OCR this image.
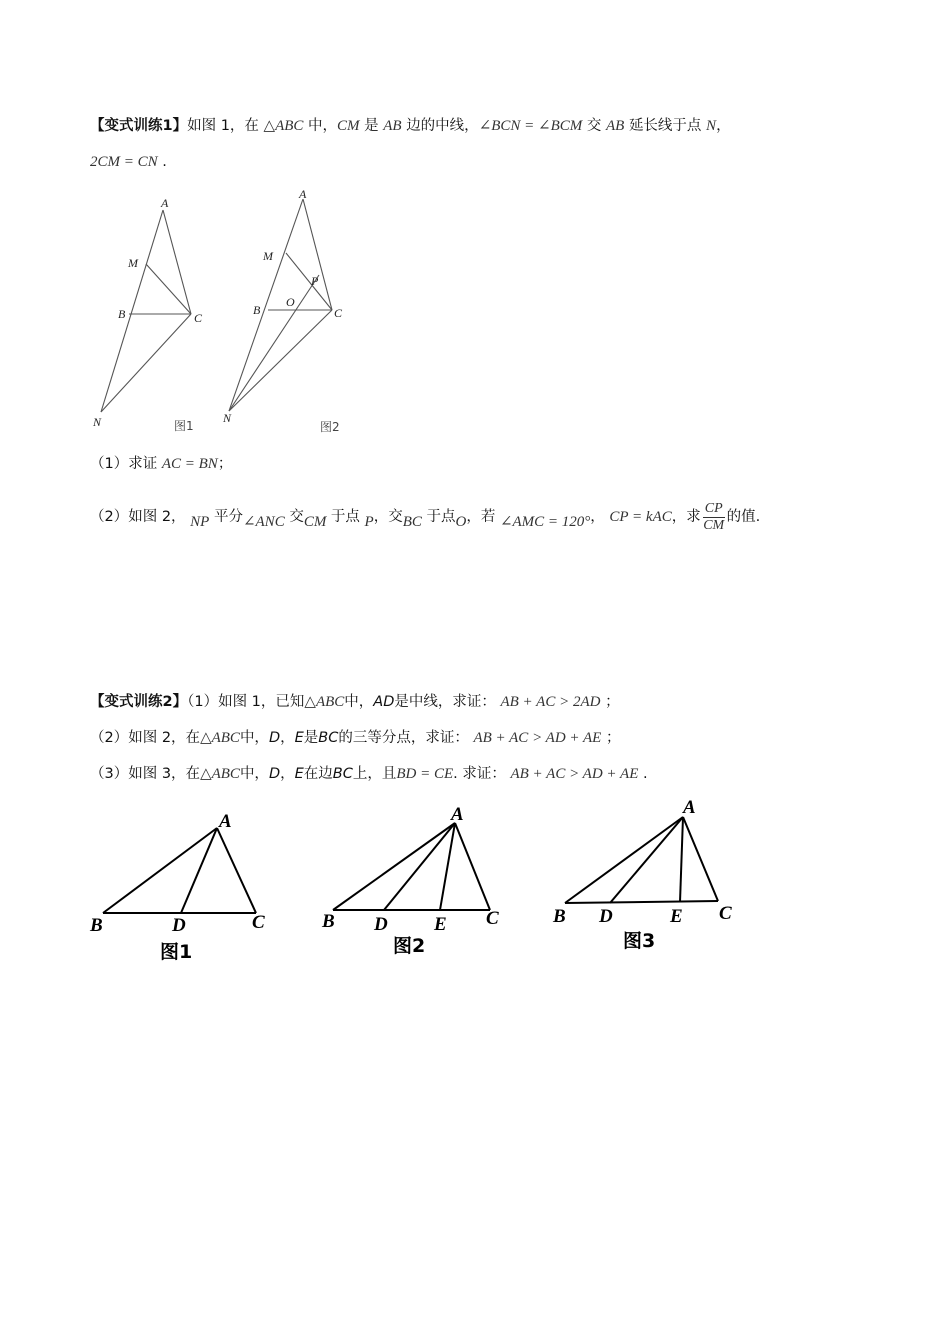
【变式训练1】如图 1，在 △ABC 中，CM 是 AB 边的中线，∠BCN = ∠BCM 交 AB 延长线于点 N，
2CM = CN .
A
M
B	C
N	图1
A
M
P
B
O
C
N
图2
（1）求证 AC = BN；
（2）如图 2， NP 平分∠ANC 交CM 于点 P，交BC 于点O，若 ∠AMC = 120°， CP = kAC，求 $\frac{CP}{CM}$ 的值.
【变式训练2】（1）如图 1，已知△ABC中，AD是中线，求证： AB + AC > 2AD ；
（2）如图 2，在△ABC中，D，E是BC的三等分点，求证： AB + AC > AD + AE ；
（3）如图 3，在△ABC中，D，E在边BC上，且BD = CE. 求证： AB + AC > AD + AE .
A
B	D	C
图1
A
B D E C
图2
A
B D	E C
图3
